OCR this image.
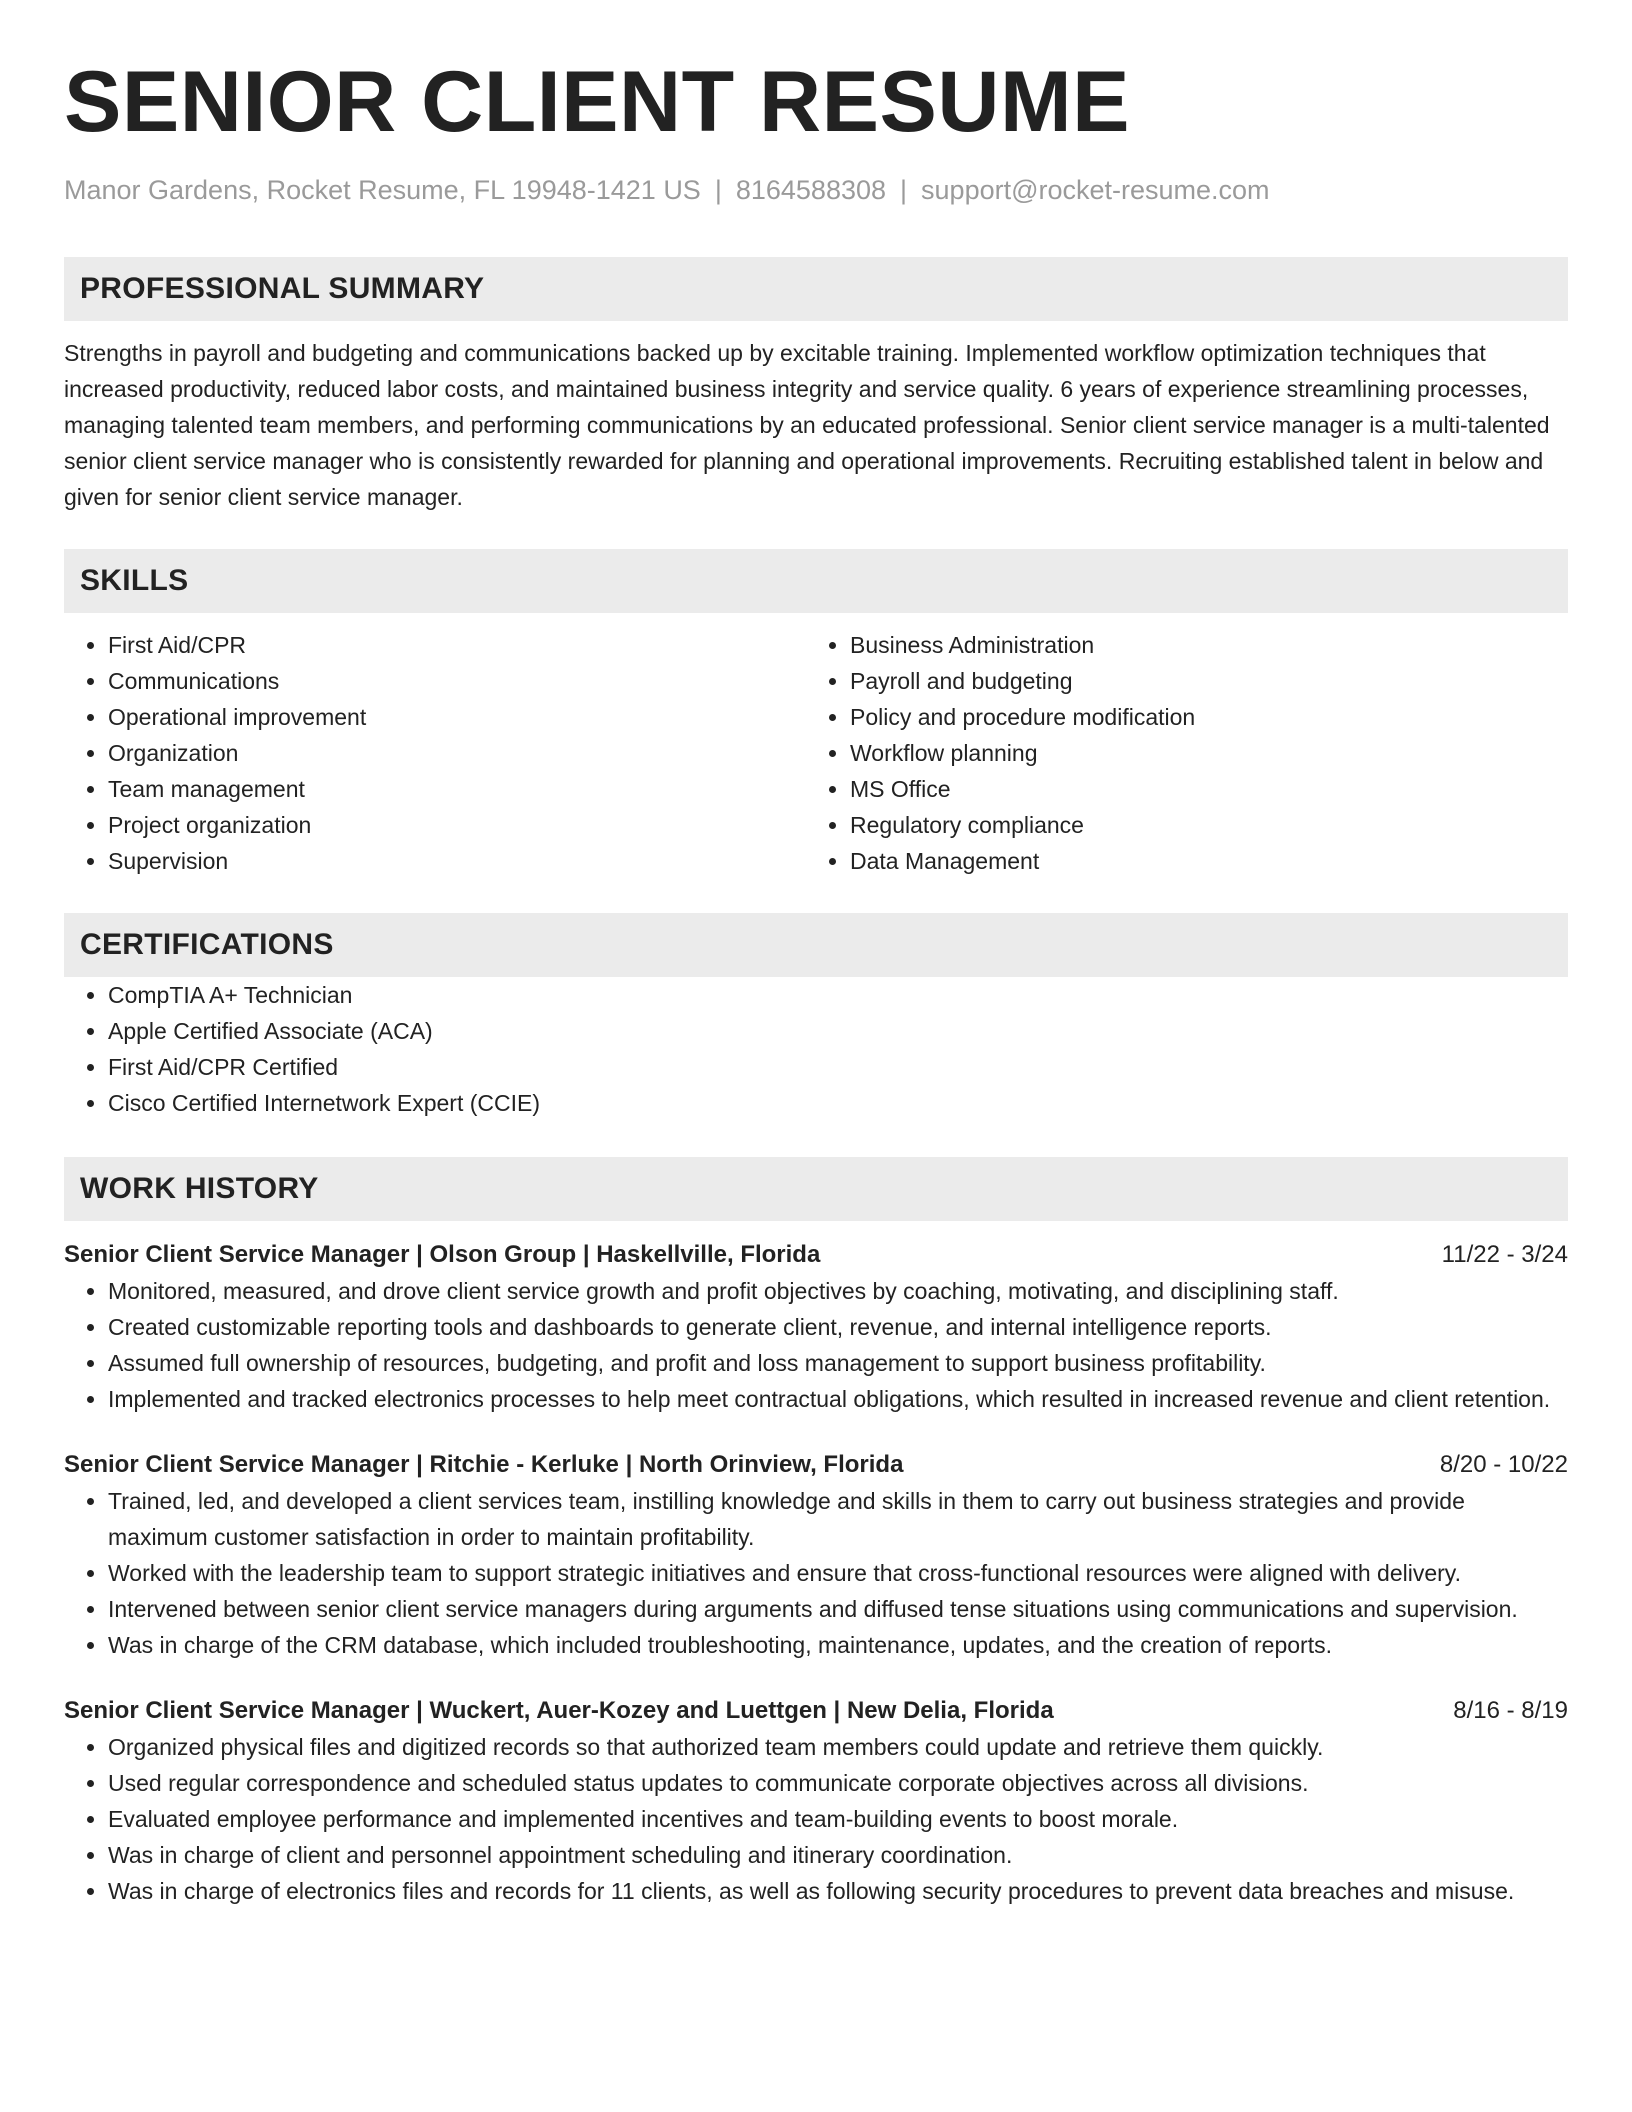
SENIOR CLIENT RESUME
Manor Gardens, Rocket Resume, FL 19948-1421 US | 8164588308 | support@rocket-resume.com
PROFESSIONAL SUMMARY

Strengths in payroll and budgeting and communications backed up by excitable training. Implemented workflow optimization techniques that increased productivity, reduced labor costs, and maintained business integrity and service quality. 6 years of experience streamlining processes, managing talented team members, and performing communications by an educated professional. Senior client service manager is a multi-talented senior client service manager who is consistently rewarded for planning and operational improvements. Recruiting established talent in below and given for senior client service manager.

SKILLS
• First Aid/CPR
• Communications
• Operational improvement
• Organization
• Team management
• Project organization
• Supervision
• Business Administration
• Payroll and budgeting
• Policy and procedure modification
• Workflow planning
• MS Office
• Regulatory compliance
• Data Management
CERTIFICATIONS
• CompTIA A+ Technician
• Apple Certified Associate (ACA)
• First Aid/CPR Certified
• Cisco Certified Internetwork Expert (CCIE)
WORK HISTORY
Senior Client Service Manager | Olson Group | Haskellville, Florida	11/22 - 3/24
• Monitored, measured, and drove client service growth and profit objectives by coaching, motivating, and disciplining staff.
• Created customizable reporting tools and dashboards to generate client, revenue, and internal intelligence reports.
• Assumed full ownership of resources, budgeting, and profit and loss management to support business profitability.
• Implemented and tracked electronics processes to help meet contractual obligations, which resulted in increased revenue and client retention.
Senior Client Service Manager | Ritchie - Kerluke | North Orinview, Florida	8/20 - 10/22
• Trained, led, and developed a client services team, instilling knowledge and skills in them to carry out business strategies and provide maximum customer satisfaction in order to maintain profitability.
• Worked with the leadership team to support strategic initiatives and ensure that cross-functional resources were aligned with delivery.
• Intervened between senior client service managers during arguments and diffused tense situations using communications and supervision.
• Was in charge of the CRM database, which included troubleshooting, maintenance, updates, and the creation of reports.
Senior Client Service Manager | Wuckert, Auer-Kozey and Luettgen | New Delia, Florida	8/16 - 8/19
• Organized physical files and digitized records so that authorized team members could update and retrieve them quickly.
• Used regular correspondence and scheduled status updates to communicate corporate objectives across all divisions.
• Evaluated employee performance and implemented incentives and team-building events to boost morale.
• Was in charge of client and personnel appointment scheduling and itinerary coordination.
• Was in charge of electronics files and records for 11 clients, as well as following security procedures to prevent data breaches and misuse.
